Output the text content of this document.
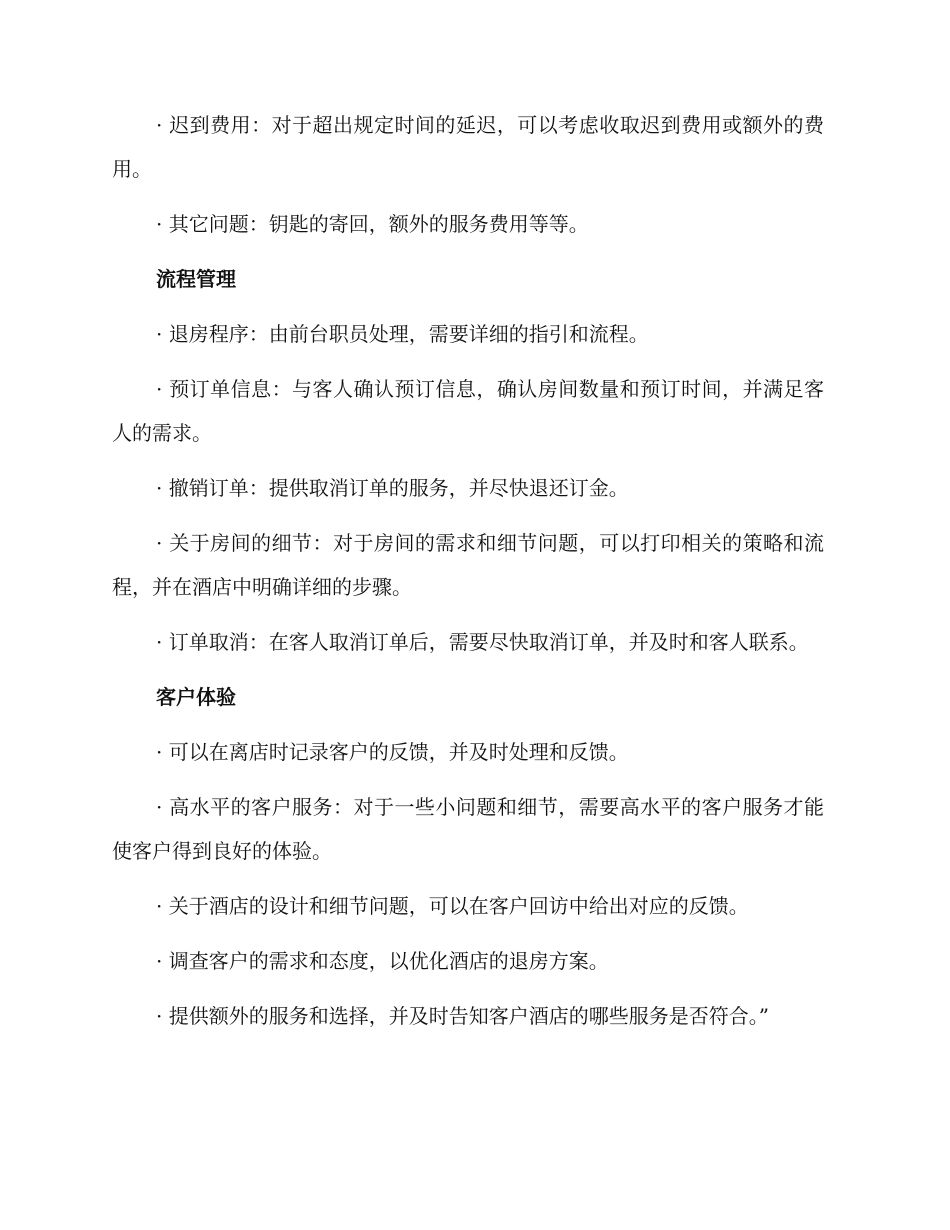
· 迟到费用：对于超出规定时间的延迟，可以考虑收取迟到费用或额外的费用。

· 其它问题：钥匙的寄回，额外的服务费用等等。

流程管理

· 退房程序：由前台职员处理，需要详细的指引和流程。

· 预订单信息：与客人确认预订信息，确认房间数量和预订时间，并满足客人的需求。

· 撤销订单：提供取消订单的服务，并尽快退还订金。

· 关于房间的细节：对于房间的需求和细节问题，可以打印相关的策略和流程，并在酒店中明确详细的步骤。

· 订单取消：在客人取消订单后，需要尽快取消订单，并及时和客人联系。

客户体验

· 可以在离店时记录客户的反馈，并及时处理和反馈。

· 高水平的客户服务：对于一些小问题和细节，需要高水平的客户服务才能使客户得到良好的体验。

· 关于酒店的设计和细节问题，可以在客户回访中给出对应的反馈。

· 调查客户的需求和态度，以优化酒店的退房方案。

· 提供额外的服务和选择，并及时告知客户酒店的哪些服务是否符合。”
